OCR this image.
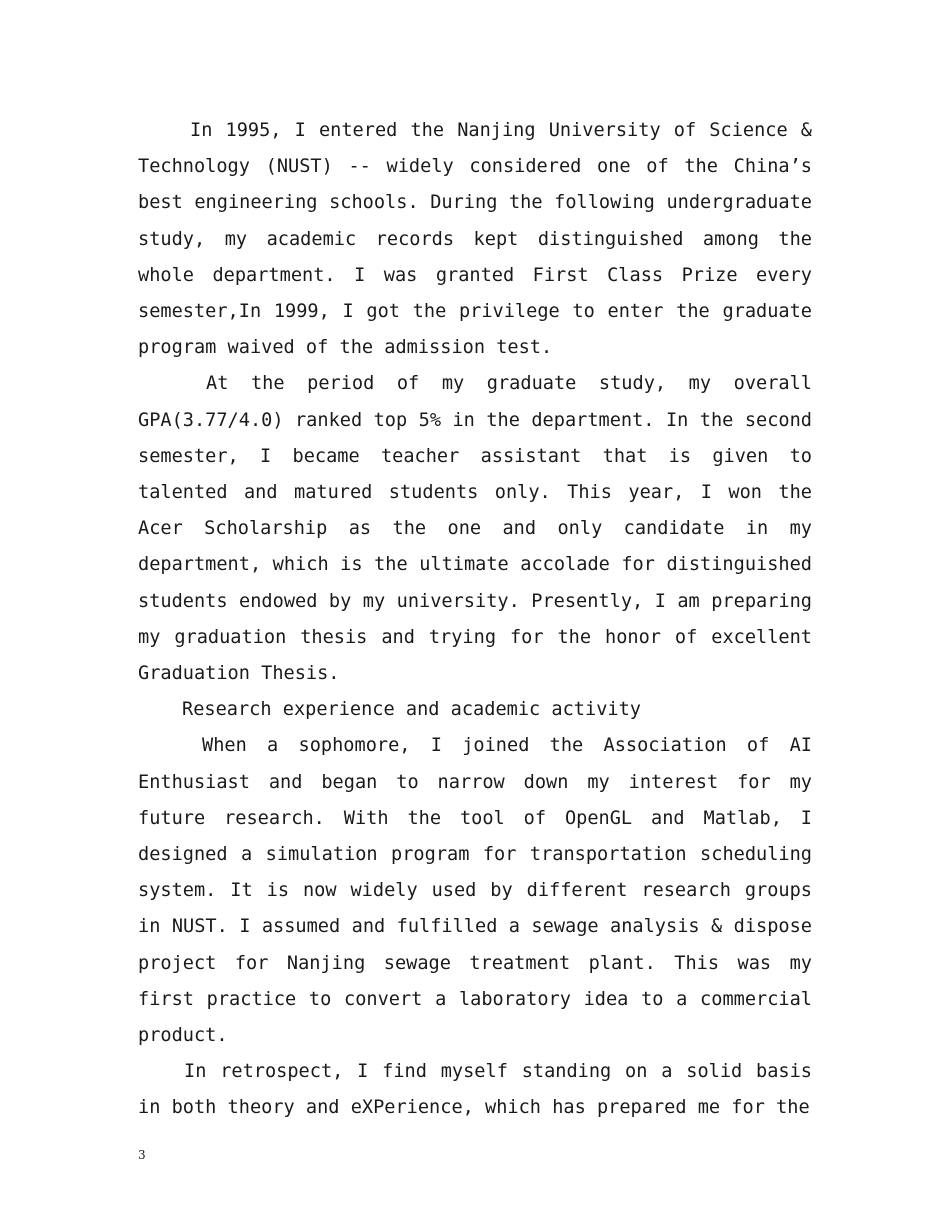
In 1995, I entered the Nanjing University of Science & Technology (NUST) -- widely considered one of the China’s best engineering schools. During the following undergraduate study, my academic records kept distinguished among the whole department. I was granted First Class Prize every semester,In 1999, I got the privilege to enter the graduate program waived of the admission test.

At the period of my graduate study, my overall GPA(3.77/4.0) ranked top 5% in the department. In the second semester, I became teacher assistant that is given to talented and matured students only. This year, I won the Acer Scholarship as the one and only candidate in my department, which is the ultimate accolade for distinguished students endowed by my university. Presently, I am preparing my graduation thesis and trying for the honor of excellent Graduation Thesis.

Research experience and academic activity

When a sophomore, I joined the Association of AI Enthusiast and began to narrow down my interest for my future research. With the tool of OpenGL and Matlab, I designed a simulation program for transportation scheduling system. It is now widely used by different research groups in NUST. I assumed and fulfilled a sewage analysis & dispose project for Nanjing sewage treatment plant. This was my first practice to convert a laboratory idea to a commercial product.

In retrospect, I find myself standing on a solid basis in both theory and eXPerience, which has prepared me for the

3
